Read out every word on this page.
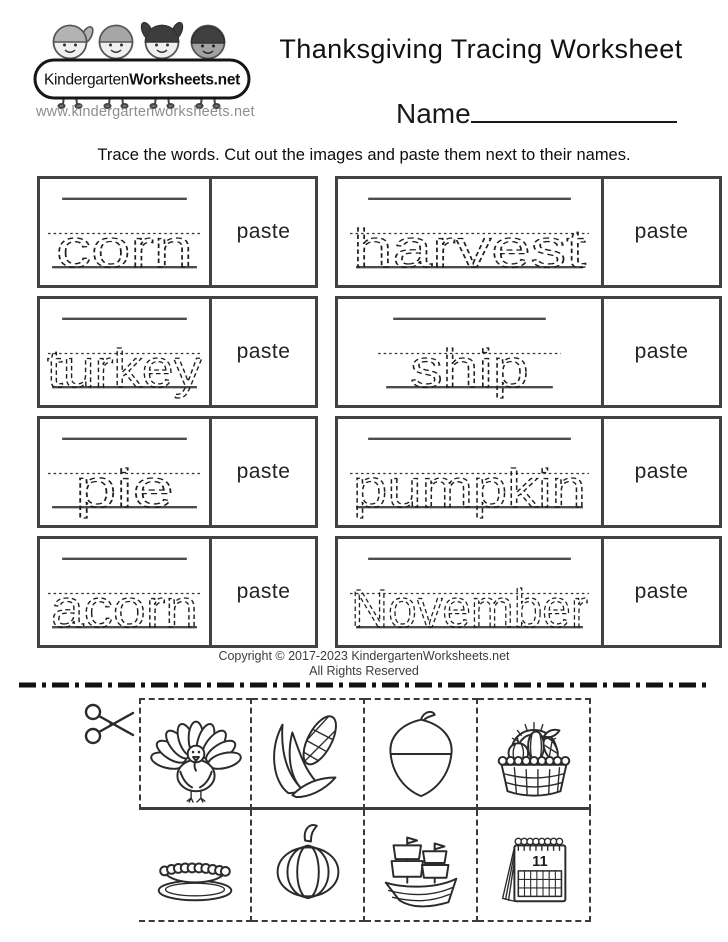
KindergartenWorksheets.net
www.kindergartenworksheets.net
Thanksgiving Tracing Worksheet
Name
Trace the words. Cut out the images and paste them next to their names.
corn paste harvest paste
turkey paste ship	paste
pie	paste pumpkin paste
acorn paste November paste
Copyright © 2017-2023 KindergartenWorksheets.net
All Rights Reserved
11
